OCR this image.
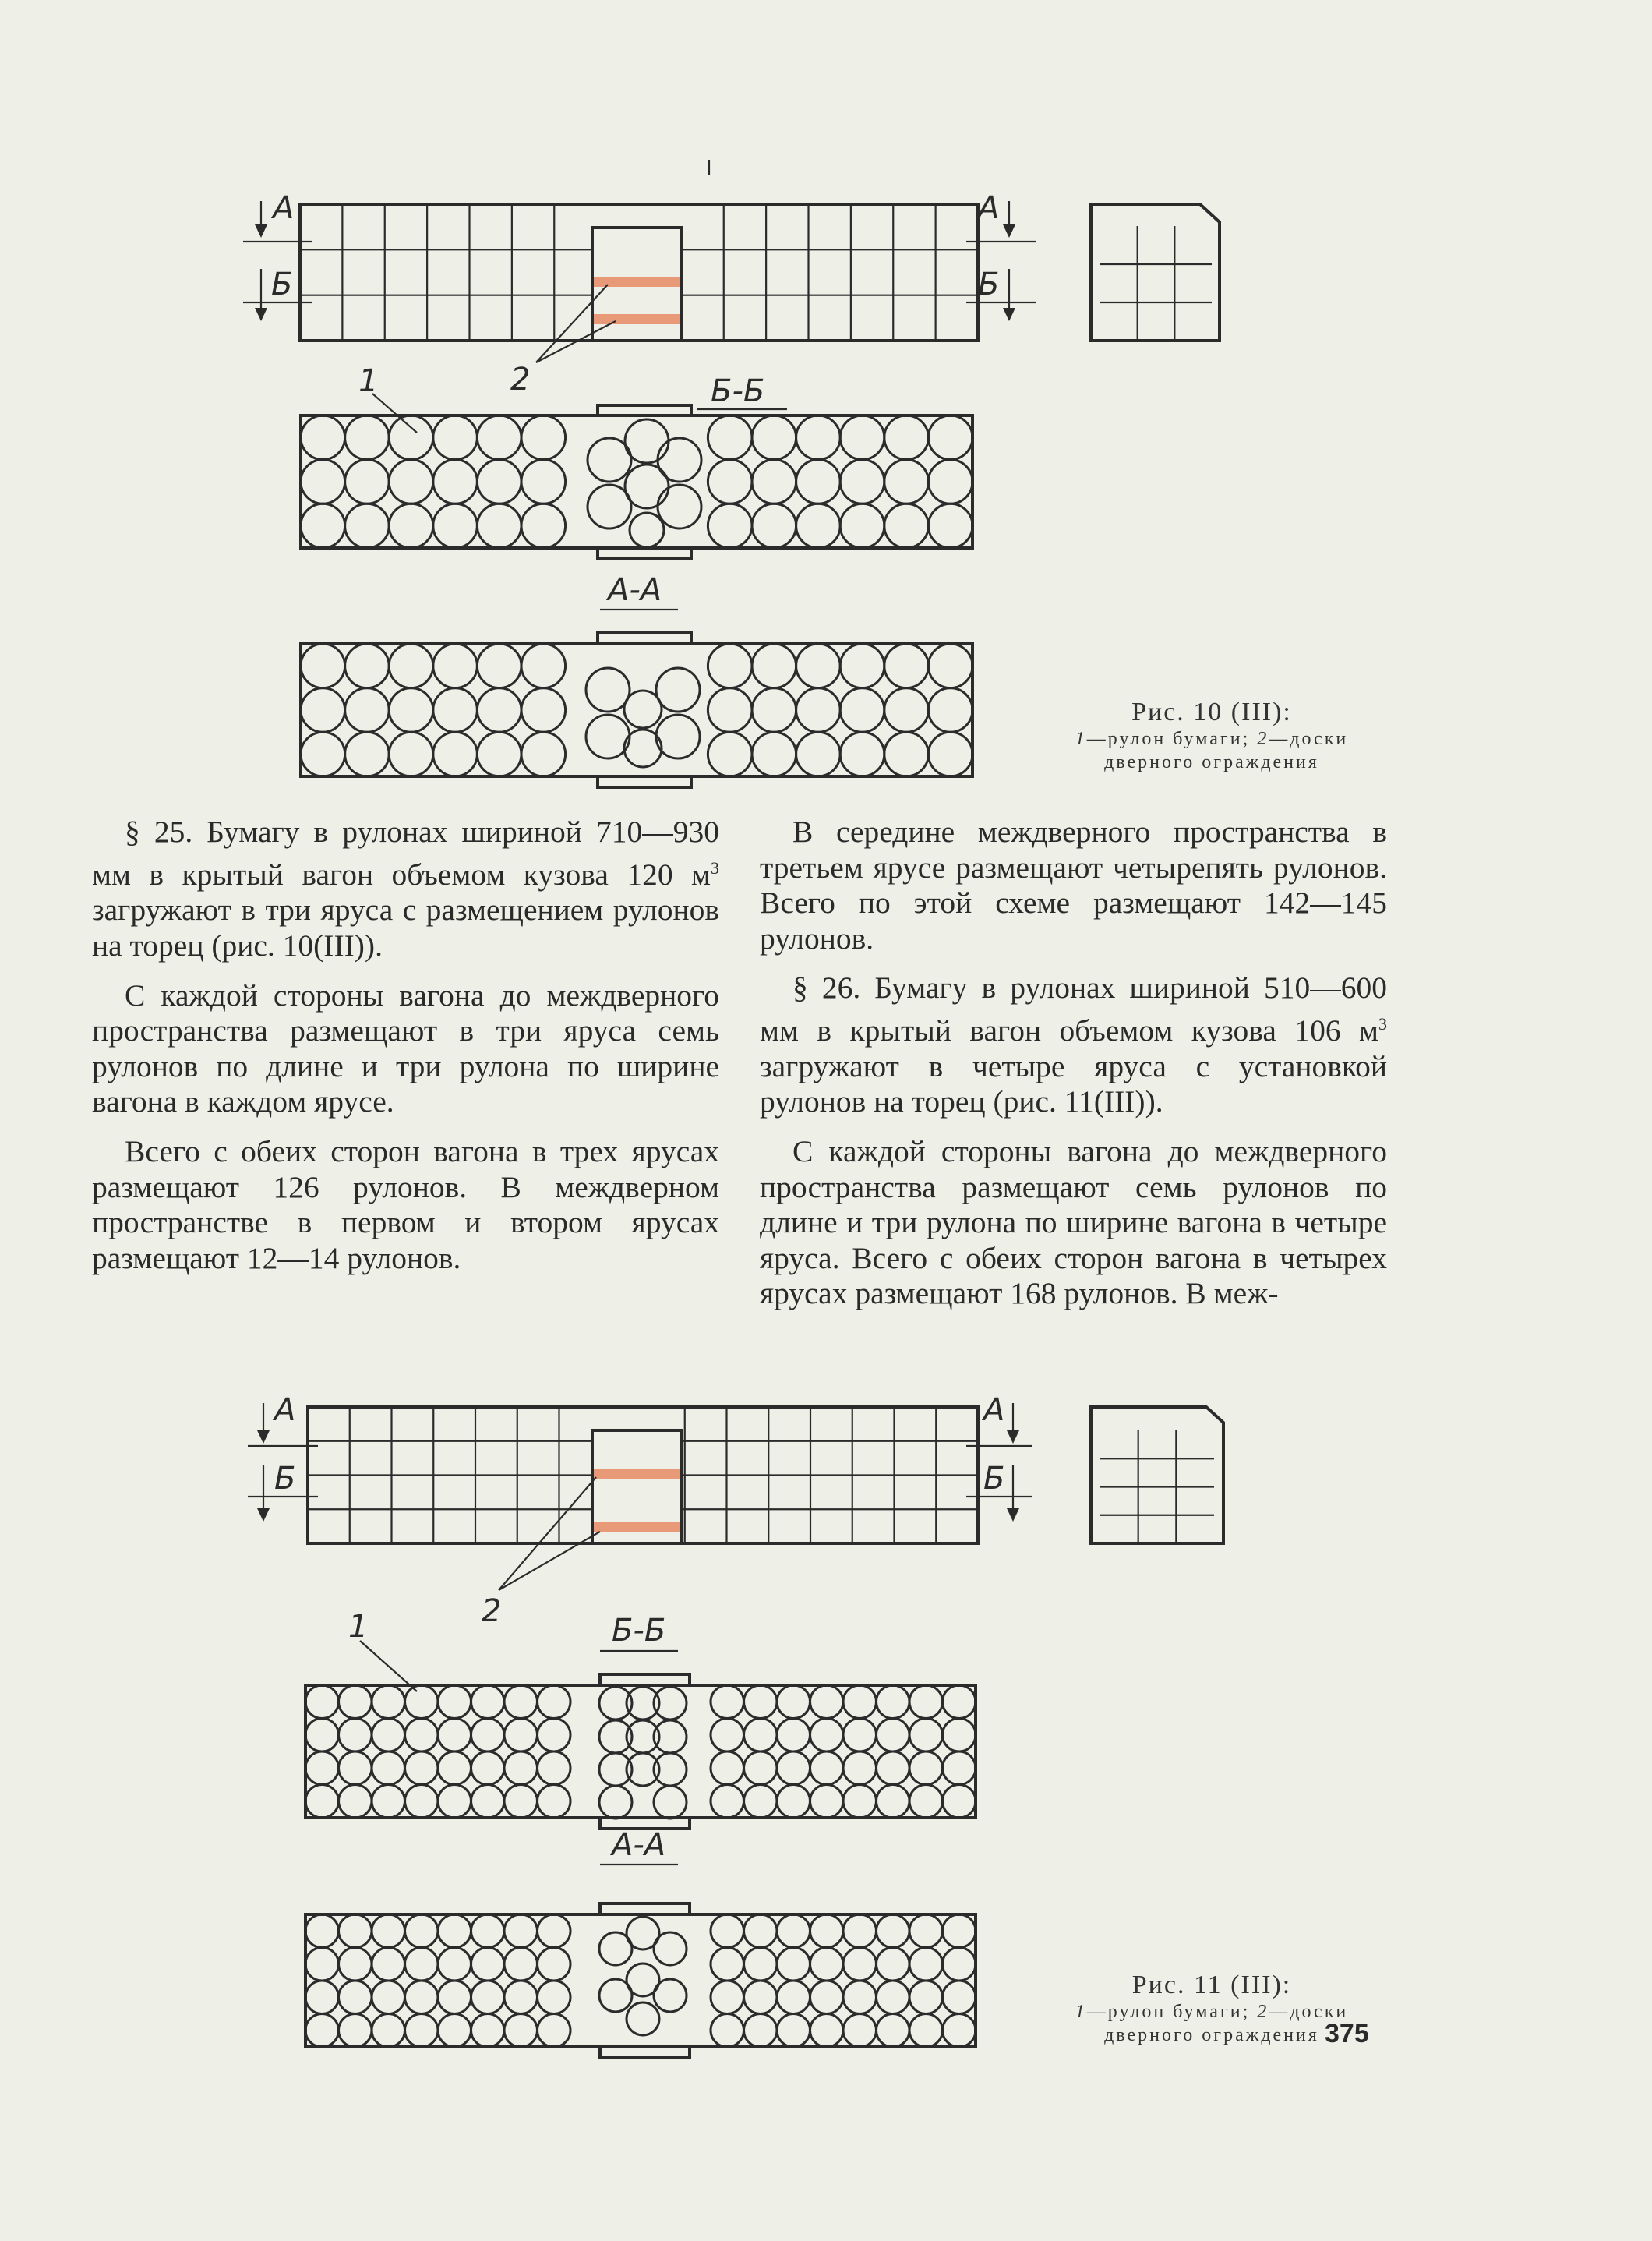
А
Б
А
Б
2
1	Б-Б
А-А
Рис. 10 (III):
1—рулон бумаги; 2—доски
дверного ограждения

§ 25. Бумагу в рулонах шириной 710—930 мм в крытый вагон объемом кузова 120 $м^3$ загружают в три яруса с размещением рулонов на торец (рис. 10(III)).

С каждой стороны вагона до междверного пространства размещают в три яруса семь рулонов по длине и три рулона по ширине вагона в каждом ярусе.

Всего с обеих сторон вагона в трех ярусах размещают 126 рулонов. В междверном пространстве в первом и втором ярусах размещают 12—14 рулонов.

В середине междверного пространства в третьем ярусе размещают четырепять рулонов. Всего по этой схеме размещают 142—145 рулонов.

§ 26. Бумагу в рулонах шириной 510—600 мм в крытый вагон объемом кузова 106 $м^3$ загружают в четыре яруса с установкой рулонов на торец (рис. 11(III)).

С каждой стороны вагона до междверного пространства размещают семь рулонов по длине и три рулона по ширине вагона в четыре яруса. Всего с обеих сторон вагона в четырех ярусах размещают 168 рулонов. В меж-

А
Б
А
Б
2
1	Б-Б
А-А
Рис. 11 (III):
1—рулон бумаги; 2—доски
дверного ограждения 375
